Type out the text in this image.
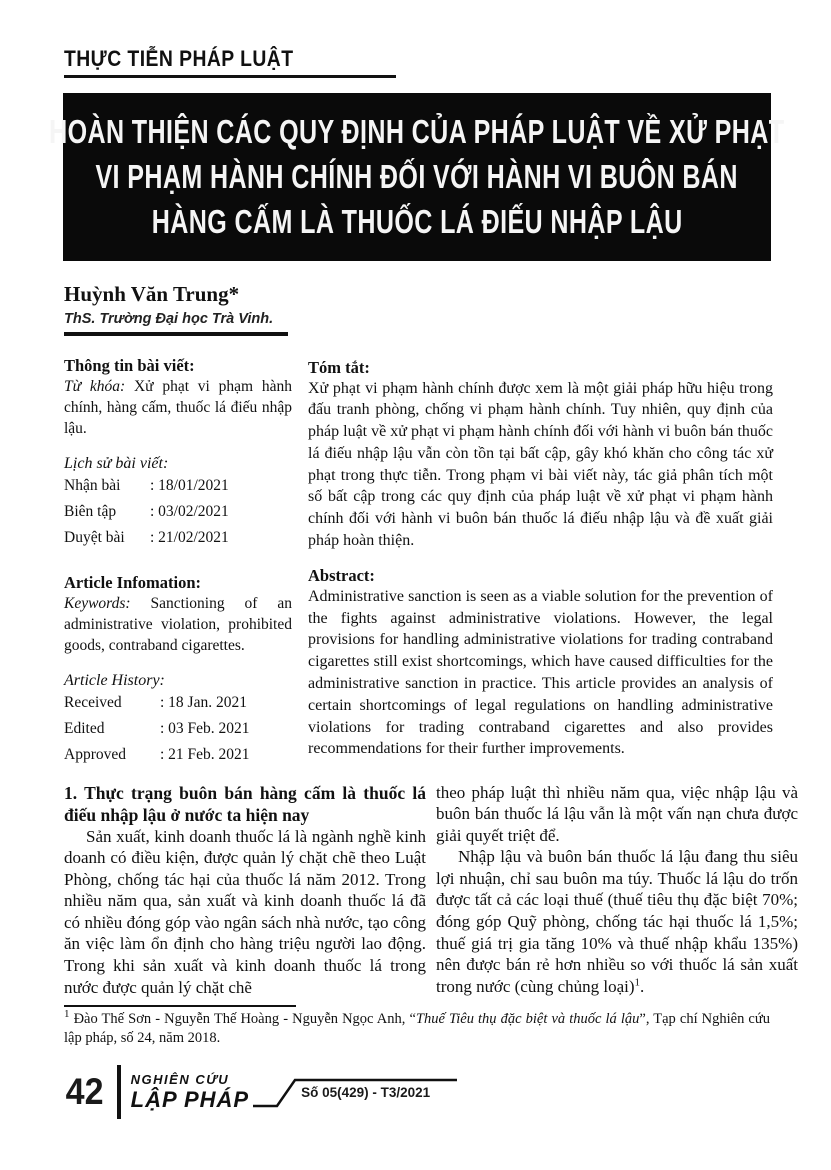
THỰC TIỄN PHÁP LUẬT
HOÀN THIỆN CÁC QUY ĐỊNH CỦA PHÁP LUẬT VỀ XỬ PHẠT
VI PHẠM HÀNH CHÍNH ĐỐI VỚI HÀNH VI BUÔN BÁN
HÀNG CẤM LÀ THUỐC LÁ ĐIẾU NHẬP LẬU
Huỳnh Văn Trung*
ThS. Trường Đại học Trà Vinh.
Thông tin bài viết:

Từ khóa: Xử phạt vi phạm hành chính, hàng cấm, thuốc lá điếu nhập lậu.

Lịch sử bài viết:
Nhận bài	: 18/01/2021
Biên tập	: 03/02/2021
Duyệt bài	: 21/02/2021
Article Infomation:

Keywords: Sanctioning of an administrative violation, prohibited goods, contraband cigarettes.

Article History:
Received	: 18 Jan. 2021
Edited	: 03 Feb. 2021
Approved	: 21 Feb. 2021
Tóm tắt:

Xử phạt vi phạm hành chính được xem là một giải pháp hữu hiệu trong đấu tranh phòng, chống vi phạm hành chính. Tuy nhiên, quy định của pháp luật về xử phạt vi phạm hành chính đối với hành vi buôn bán thuốc lá điếu nhập lậu vẫn còn tồn tại bất cập, gây khó khăn cho công tác xử phạt trong thực tiễn. Trong phạm vi bài viết này, tác giả phân tích một số bất cập trong các quy định của pháp luật về xử phạt vi phạm hành chính đối với hành vi buôn bán thuốc lá điếu nhập lậu và đề xuất giải pháp hoàn thiện.

Abstract:

Administrative sanction is seen as a viable solution for the prevention of the fights against administrative violations. However, the legal provisions for handling administrative violations for trading contraband cigarettes still exist shortcomings, which have caused difficulties for the administrative sanction in practice. This article provides an analysis of certain shortcomings of legal regulations on handling administrative violations for trading contraband cigarettes and also provides recommendations for their further improvements.

1. Thực trạng buôn bán hàng cấm là thuốc lá điếu nhập lậu ở nước ta hiện nay

Sản xuất, kinh doanh thuốc lá là ngành nghề kinh doanh có điều kiện, được quản lý chặt chẽ theo Luật Phòng, chống tác hại của thuốc lá năm 2012. Trong nhiều năm qua, sản xuất và kinh doanh thuốc lá đã có nhiều đóng góp vào ngân sách nhà nước, tạo công ăn việc làm ổn định cho hàng triệu người lao động. Trong khi sản xuất và kinh doanh thuốc lá trong nước được quản lý chặt chẽ

theo pháp luật thì nhiều năm qua, việc nhập lậu và buôn bán thuốc lá lậu vẫn là một vấn nạn chưa được giải quyết triệt để.

Nhập lậu và buôn bán thuốc lá lậu đang thu siêu lợi nhuận, chỉ sau buôn ma túy. Thuốc lá lậu do trốn được tất cả các loại thuế (thuế tiêu thụ đặc biệt 70%; đóng góp Quỹ phòng, chống tác hại thuốc lá 1,5%; thuế giá trị gia tăng 10% và thuế nhập khẩu 135%) nên được bán rẻ hơn nhiều so với thuốc lá sản xuất trong nước (cùng chủng loại)$^1$.

$^1$ Đào Thế Sơn - Nguyễn Thế Hoàng - Nguyễn Ngọc Anh, “Thuế Tiêu thụ đặc biệt và thuốc lá lậu”, Tạp chí Nghiên cứu lập pháp, số 24, năm 2018.

42 NGHIÊN CỨU
LẬP PHÁP	Số 05(429) - T3/2021
